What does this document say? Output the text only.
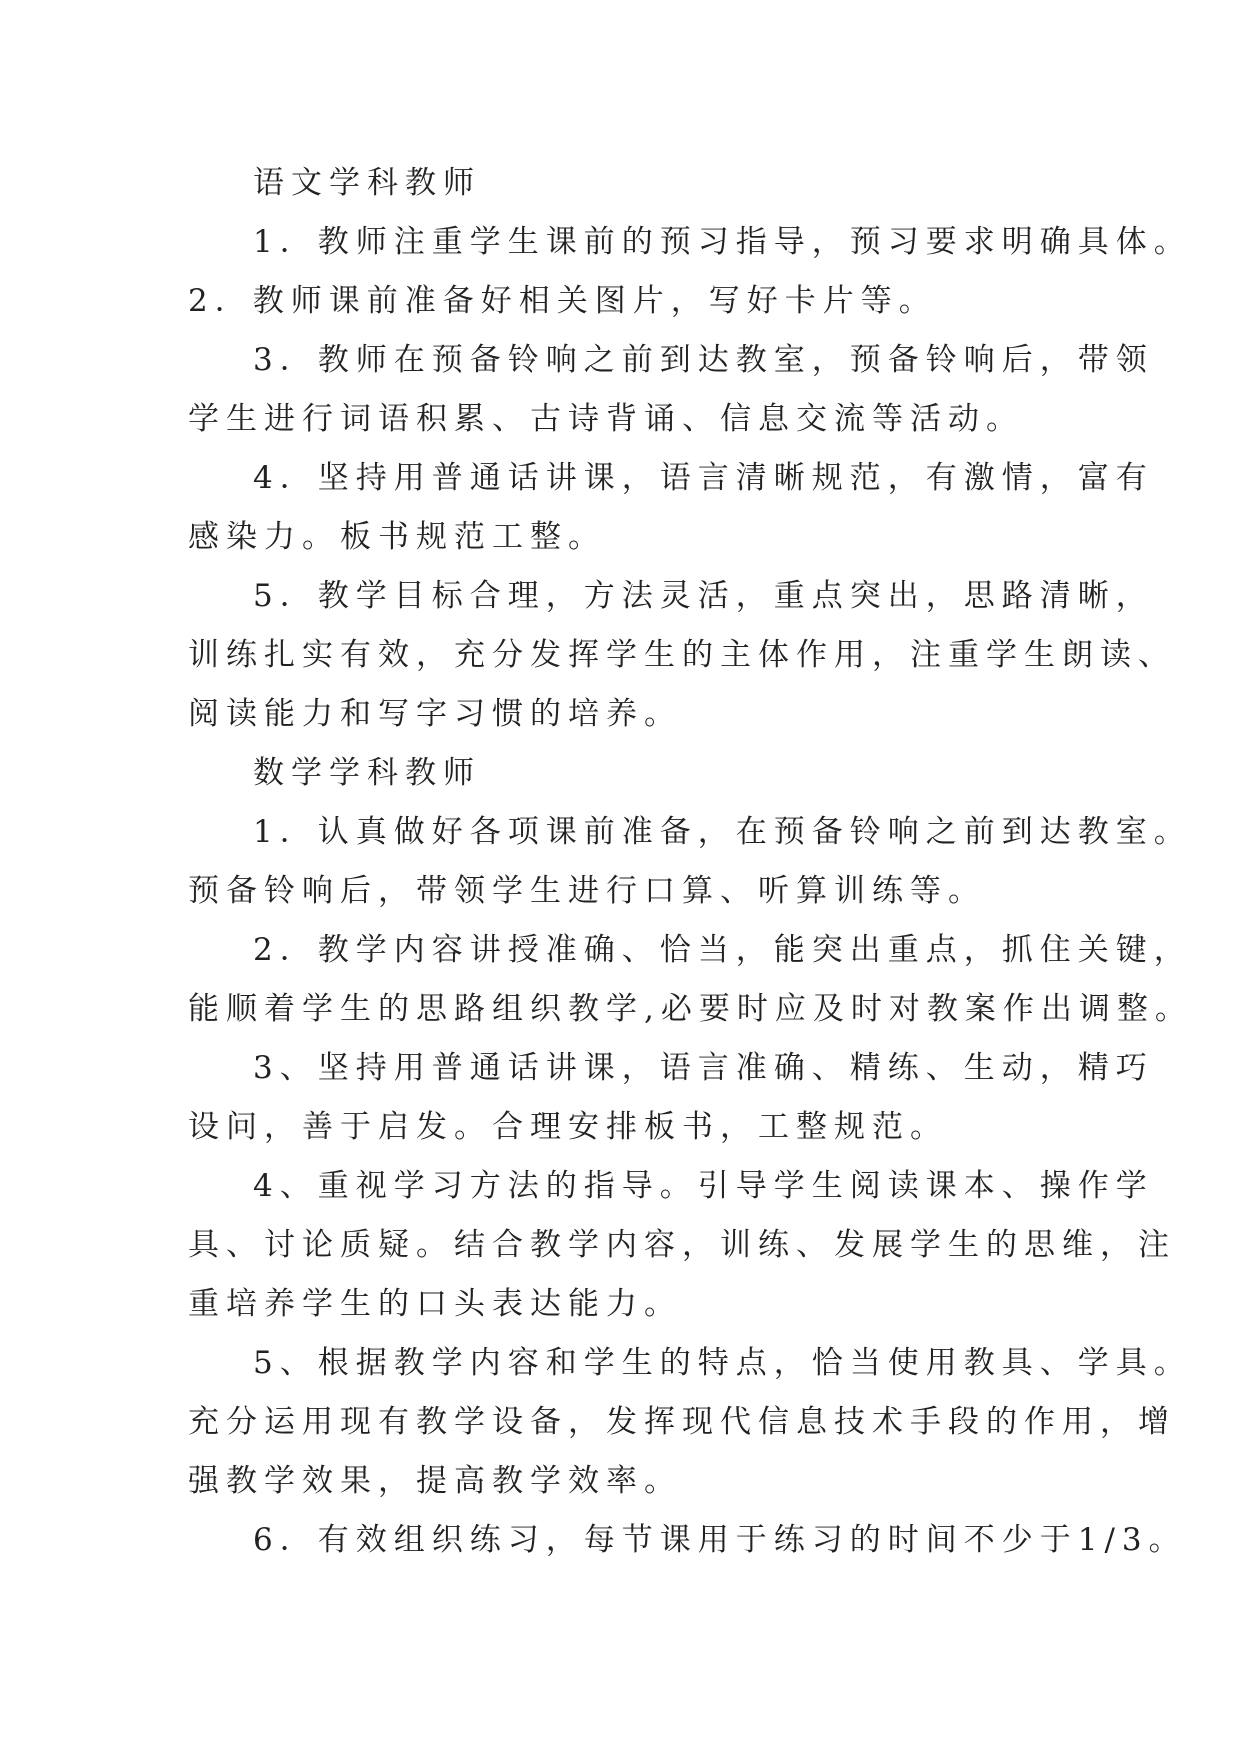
语文学科教师
1．教师注重学生课前的预习指导，预习要求明确具体。
2．教师课前准备好相关图片，写好卡片等。
3．教师在预备铃响之前到达教室，预备铃响后，带领
学生进行词语积累、古诗背诵、信息交流等活动。
4．坚持用普通话讲课，语言清晰规范，有激情，富有
感染力。板书规范工整。
5．教学目标合理，方法灵活，重点突出，思路清晰，
训练扎实有效，充分发挥学生的主体作用，注重学生朗读、
阅读能力和写字习惯的培养。
数学学科教师
1．认真做好各项课前准备，在预备铃响之前到达教室。
预备铃响后，带领学生进行口算、听算训练等。
2．教学内容讲授准确、恰当，能突出重点，抓住关键，
能顺着学生的思路组织教学,必要时应及时对教案作出调整。
3、坚持用普通话讲课，语言准确、精练、生动，精巧
设问，善于启发。合理安排板书，工整规范。
4、重视学习方法的指导。引导学生阅读课本、操作学
具、讨论质疑。结合教学内容，训练、发展学生的思维，注
重培养学生的口头表达能力。
5、根据教学内容和学生的特点，恰当使用教具、学具。
充分运用现有教学设备，发挥现代信息技术手段的作用，增
强教学效果，提高教学效率。
6．有效组织练习，每节课用于练习的时间不少于1/3。
